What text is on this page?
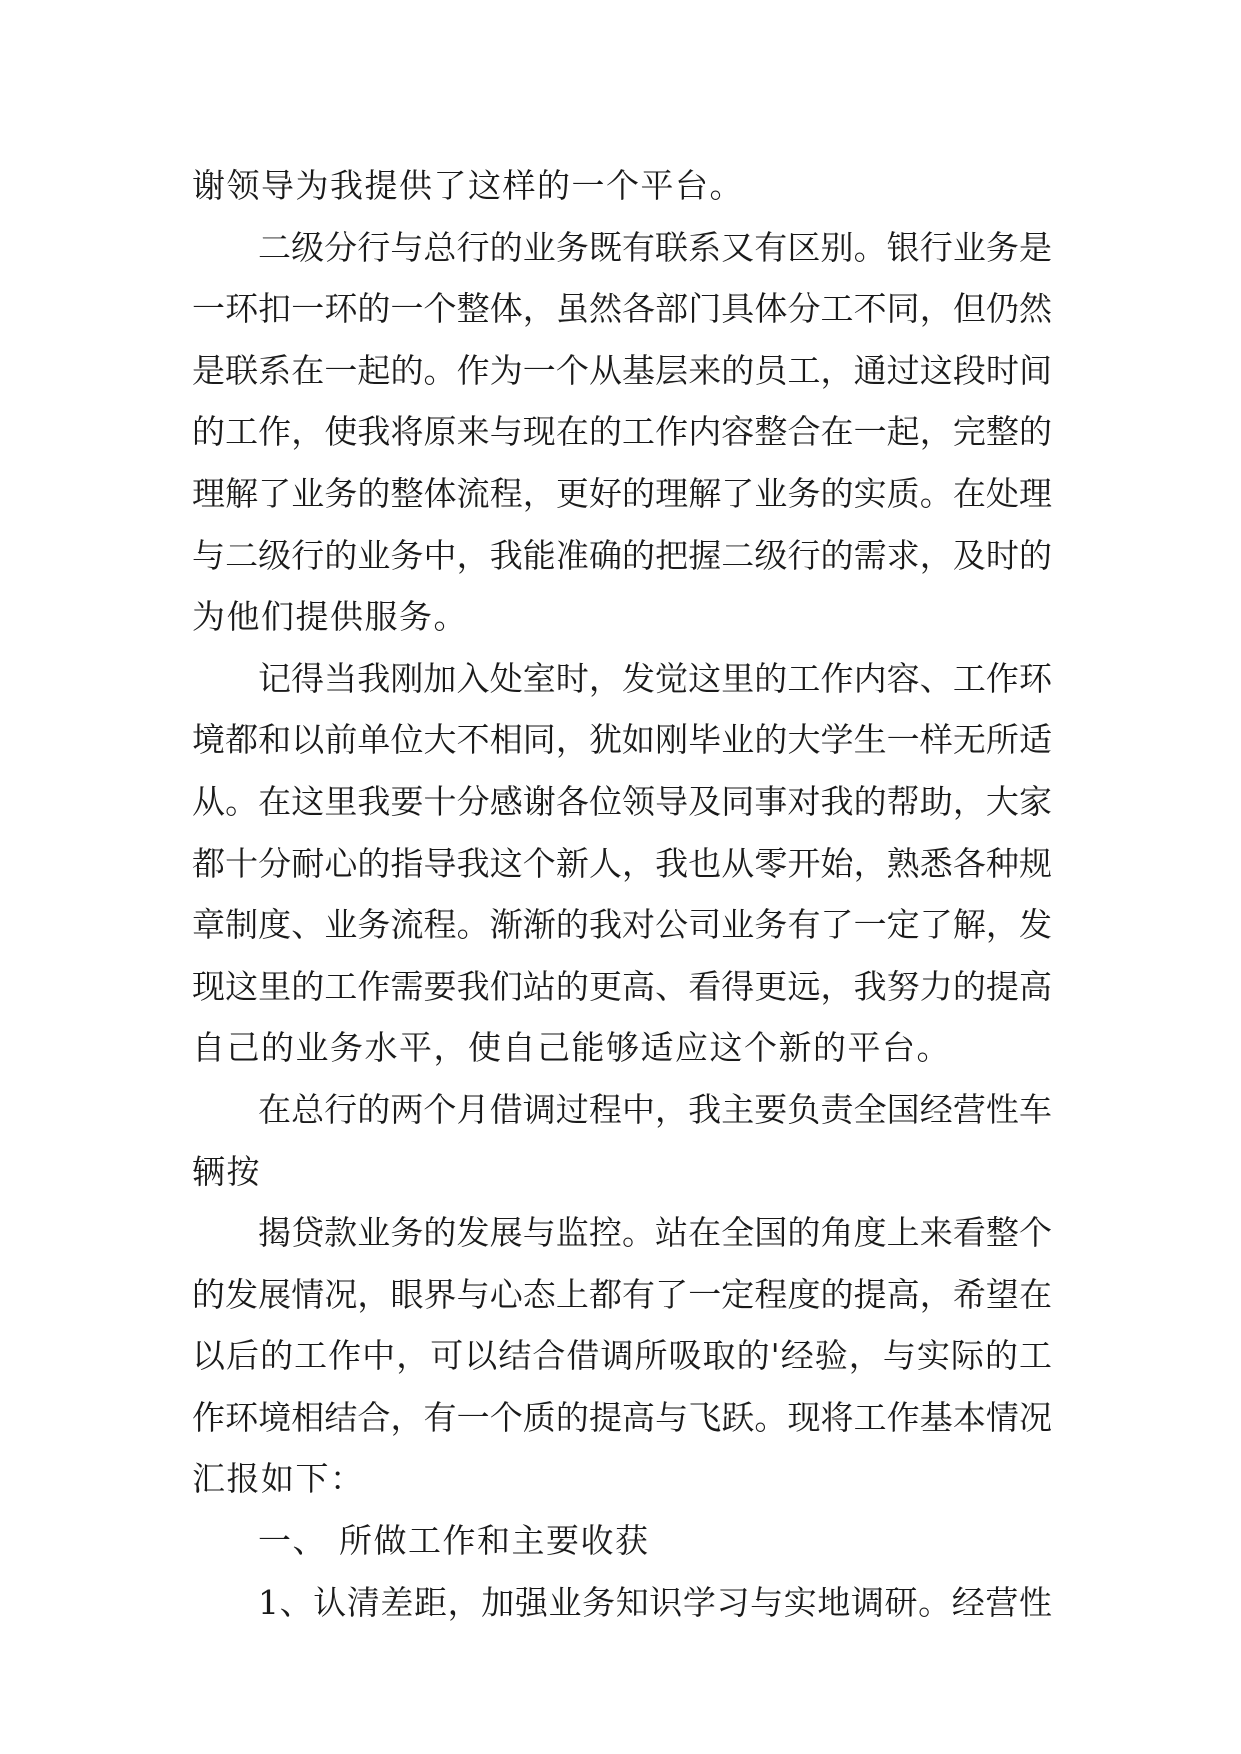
谢领导为我提供了这样的一个平台。
二级分行与总行的业务既有联系又有区别。银行业务是
一环扣一环的一个整体，虽然各部门具体分工不同，但仍然
是联系在一起的。作为一个从基层来的员工，通过这段时间
的工作，使我将原来与现在的工作内容整合在一起，完整的
理解了业务的整体流程，更好的理解了业务的实质。在处理
与二级行的业务中，我能准确的把握二级行的需求，及时的
为他们提供服务。
记得当我刚加入处室时，发觉这里的工作内容、工作环
境都和以前单位大不相同，犹如刚毕业的大学生一样无所适
从。在这里我要十分感谢各位领导及同事对我的帮助，大家
都十分耐心的指导我这个新人，我也从零开始，熟悉各种规
章制度、业务流程。渐渐的我对公司业务有了一定了解，发
现这里的工作需要我们站的更高、看得更远，我努力的提高
自己的业务水平，使自己能够适应这个新的平台。
在总行的两个月借调过程中，我主要负责全国经营性车
辆按
揭贷款业务的发展与监控。站在全国的角度上来看整个
的发展情况，眼界与心态上都有了一定程度的提高，希望在
以后的工作中，可以结合借调所吸取的'经验，与实际的工
作环境相结合，有一个质的提高与飞跃。现将工作基本情况
汇报如下：
一、 所做工作和主要收获
1、认清差距，加强业务知识学习与实地调研。经营性
